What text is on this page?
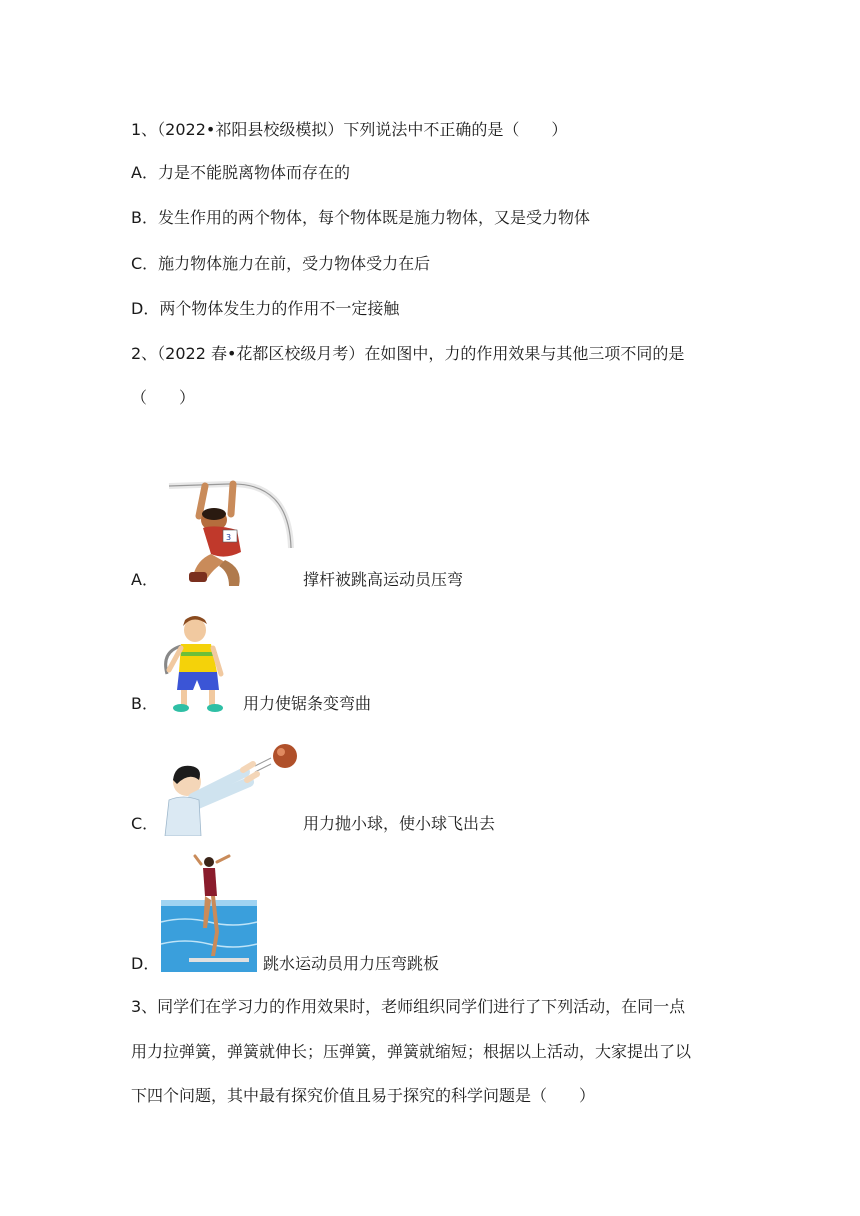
1、（2022•祁阳县校级模拟）下列说法中不正确的是（　　）
A．力是不能脱离物体而存在的
B．发生作用的两个物体，每个物体既是施力物体，又是受力物体
C．施力物体施力在前，受力物体受力在后
D．两个物体发生力的作用不一定接触
2、（2022 春•花都区校级月考）在如图中，力的作用效果与其他三项不同的是
（　　）
A．
3
撑杆被跳高运动员压弯
B．	用力使锯条变弯曲
C．	用力抛小球，使小球飞出去
D．	跳水运动员用力压弯跳板
3、同学们在学习力的作用效果时，老师组织同学们进行了下列活动，在同一点
用力拉弹簧，弹簧就伸长；压弹簧，弹簧就缩短；根据以上活动，大家提出了以
下四个问题，其中最有探究价值且易于探究的科学问题是（　　）
